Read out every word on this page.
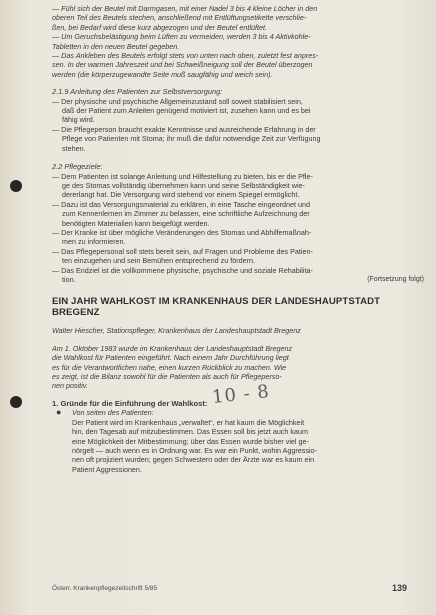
— Fühl sich der Beutel mit Darmgasen, mit einer Nadel 3 bis 4 kleine Löcher in den
oberen Teil des Beutels stechen, anschließend mit Entlüftungsetikette verschlie-
ßen, bei Bedarf wird diese kurz abgezogen und der Beutel entlüftet.
— Um Geruchsbelästigung beim Lüften zu vermeiden, werden 3 bis 4 Aktivkohle-
Tabletten in den neuen Beutel gegeben.
— Das Ankleben des Beutels erfolgt stets von unten nach oben, zuletzt fest anpres-
sen. In der warmen Jahreszeit und bei Schweißneigung soll der Beutel überzogen
werden (die körperzugewandte Seite muß saugfähig und weich sein).
2.1.9 Anleitung des Patienten zur Selbstversorgung:
— Der physische und psychische Allgemeinzustand soll soweit stabilisiert sein,
daß der Patient zum Anleiten genügend motiviert ist, zusehen kann und es bei
fähig wird.
— Die Pflegeperson braucht exakte Kenntnisse und ausreichende Erfahrung in der
Pflege von Patienten mit Stoma; ihr muß die dafür notwendige Zeit zur Verfügung
stehen.
2.2 Pflegeziele:
— Dem Patienten ist solange Anleitung und Hilfestellung zu bieten, bis er die Pfle-
ge des Stomas vollständig übernehmen kann und seine Selbständigkeit wie-
dererlangt hat. Die Versorgung wird stehend vor einem Spiegel ermöglicht.
— Dazu ist das Versorgungsmaterial zu erklären, in eine Tasche eingeordnet und
zum Kennenlernen im Zimmer zu belassen, eine schriftliche Aufzeichnung der
benötigten Materialien kann beigefügt werden.
— Der Kranke ist über mögliche Veränderungen des Stomas und Abhilfemaßnah-
men zu informieren.
— Das Pflegepersonal soll stets bereit sein, auf Fragen und Probleme des Patien-
ten einzugehen und sein Bemühen entsprechend zu fördern.
— Das Endziel ist die vollkommene physische, psychische und soziale Rehabilita-
tion.	(Fortsetzung folgt)
EIN JAHR WAHLKOST IM KRANKENHAUS DER LANDESHAUPTSTADT
BREGENZ
Walter Hiescher, Stationspfleger, Krankenhaus der Landeshauptstadt Bregenz
Am 1. Oktober 1983 wurde im Krankenhaus der Landeshauptstadt Bregenz
die Wahlkost für Patienten eingeführt. Nach einem Jahr Durchführung liegt
es für die Verantwortlichen nahe, einen kurzen Rückblick zu machen. Wie
es zeigt, ist die Bilanz sowohl für die Patienten als auch für Pflegeperso-
nen positiv.
1. Gründe für die Einführung der Wahlkost:
● Von seiten des Patienten:
Der Patient wird im Krankenhaus „verwaltet“, er hat kaum die Möglichkeit
hin, den Tagesab auf mitzubestimmen. Das Essen soll bis jetzt auch kaum
eine Möglichkeit der Mitbestimmung; über das Essen wurde bisher viel ge-
nörgelt — auch wenn es in Ordnung war. Es war ein Punkt, wohin Aggressio-
nen oft projiziert wurden; gegen Schwestern oder der Ärzte war es kaum ein
Patient Aggressionen.
10 - 8
Österr. Krankenpflegezeitschrift 5/85	139
